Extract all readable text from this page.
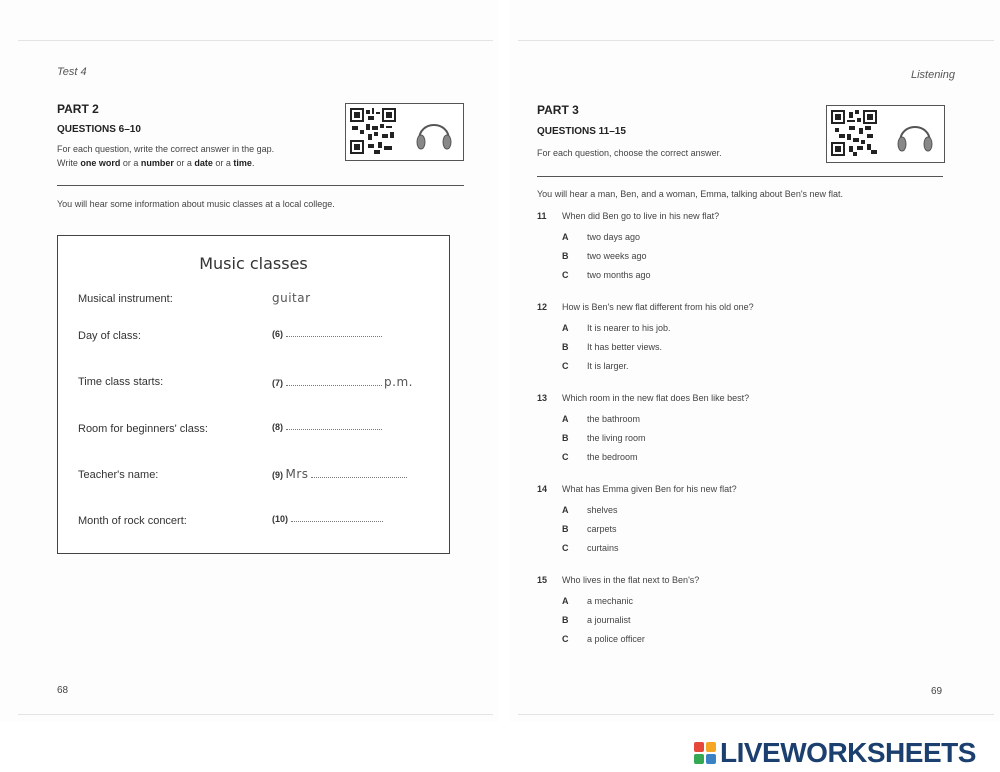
Test 4
PART 2
QUESTIONS 6–10
For each question, write the correct answer in the gap.
Write one word or a number or a date or a time.
You will hear some information about music classes at a local college.
Music classes
Musical instrument:	guitar
Day of class:	(6)
Time class starts:	(7)	p.m.
Room for beginners' class:	(8)
Teacher's name:	(9) Mrs
Month of rock concert:	(10)
68
Listening
PART 3
QUESTIONS 11–15
For each question, choose the correct answer.
You will hear a man, Ben, and a woman, Emma, talking about Ben's new flat.
11 When did Ben go to live in his new flat?
A two days ago
B two weeks ago
C two months ago
12 How is Ben's new flat different from his old one?
A It is nearer to his job.
B It has better views.
C It is larger.
13 Which room in the new flat does Ben like best?
A the bathroom
B the living room
C the bedroom
14 What has Emma given Ben for his new flat?
A shelves
B carpets
C curtains
15 Who lives in the flat next to Ben's?
A a mechanic
B a journalist
C a police officer
69
LIVEWORKSHEETS
